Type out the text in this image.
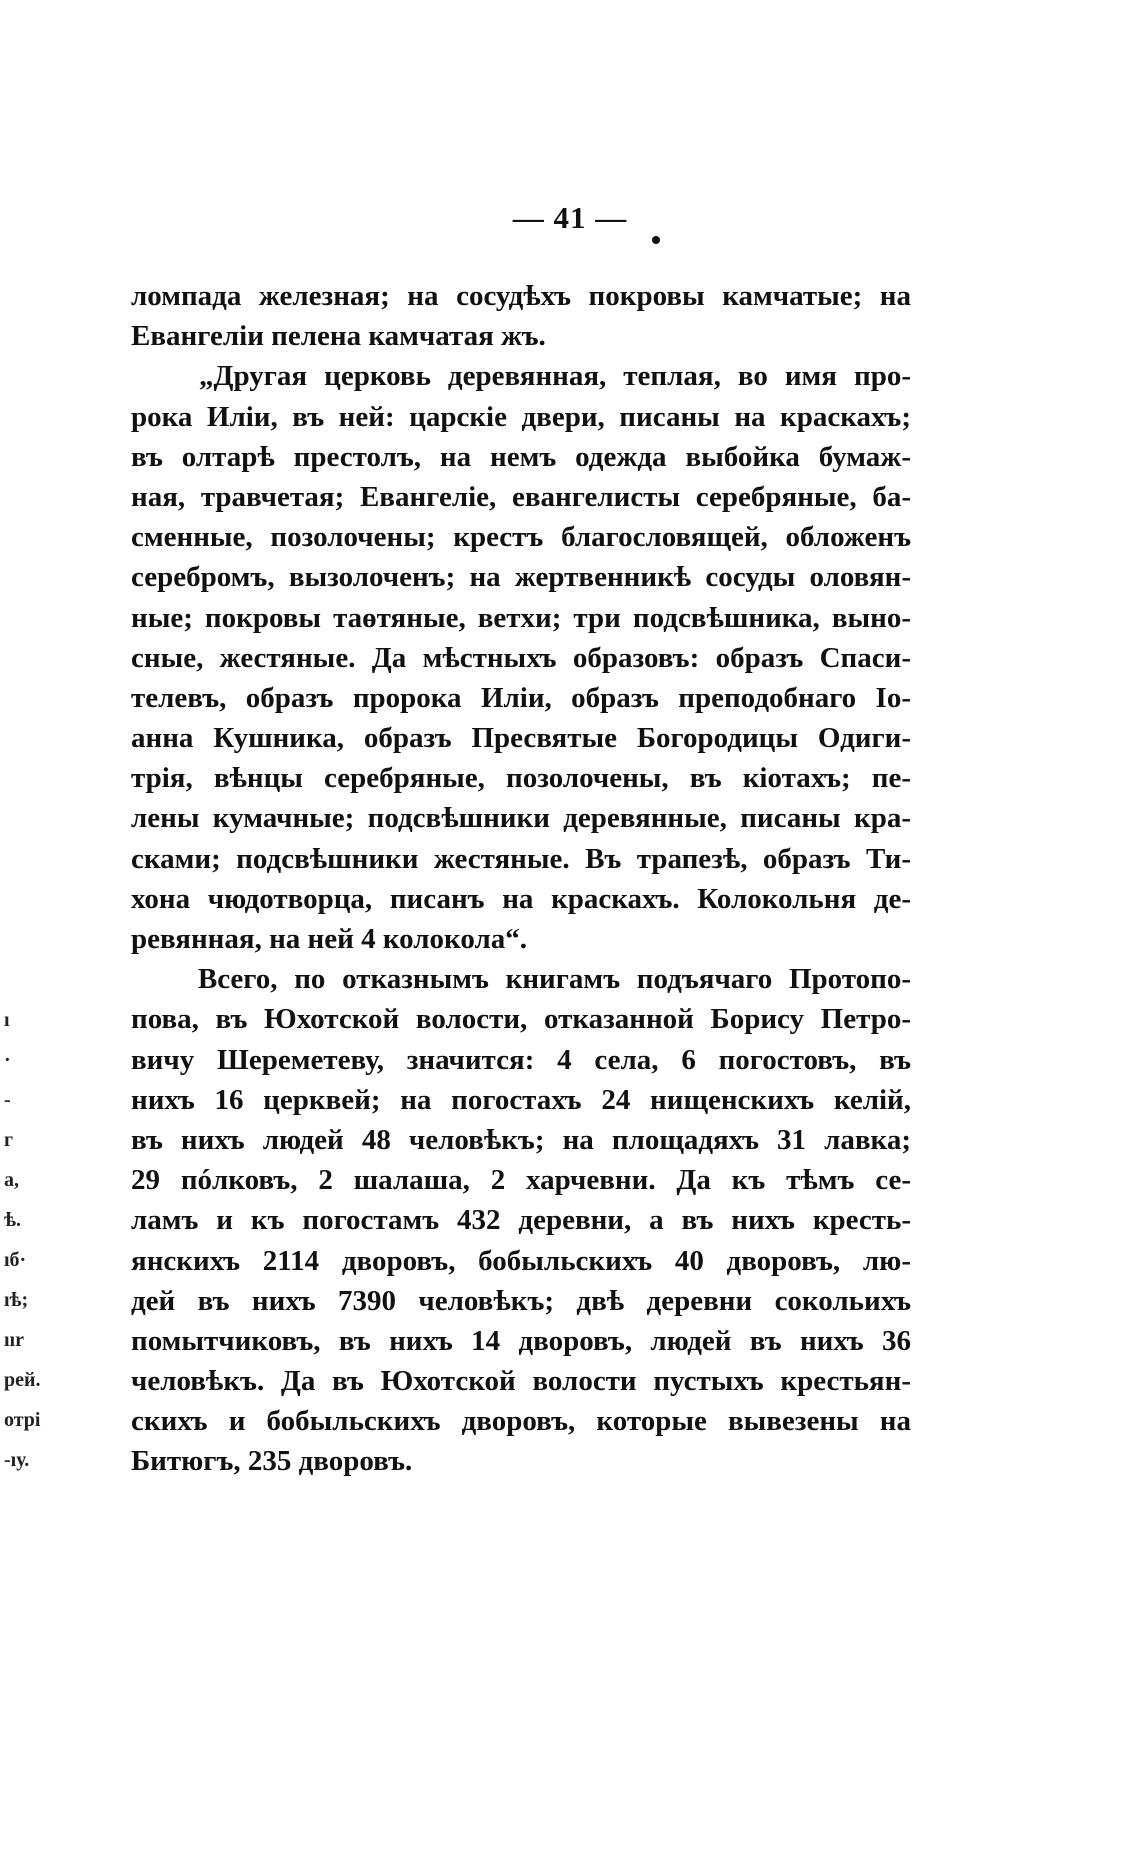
— 41 —
ломпада железная; на сосудѣхъ покровы камчатые; на
Евангеліи пелена камчатая жъ.
„Другая церковь деревянная, теплая, во имя про-
рока Иліи, въ ней: царскіе двери, писаны на краскахъ;
въ олтарѣ престолъ, на немъ одежда выбойка бумаж-
ная, травчетая; Евангеліе, евангелисты серебряные, ба-
сменные, позолочены; крестъ благословящей, обложенъ
серебромъ, вызолоченъ; на жертвенникѣ сосуды оловян-
ные; покровы таөтяные, ветхи; три подсвѣшника, выно-
сные, жестяные. Да мѣстныхъ образовъ: образъ Спаси-
телевъ, образъ пророка Иліи, образъ преподобнаго Іо-
анна Кушника, образъ Пресвятые Богородицы Одиги-
трія, вѣнцы серебряные, позолочены, въ кіотахъ; пе-
лены кумачные; подсвѣшники деревянные, писаны кра-
сками; подсвѣшники жестяные. Въ трапезѣ, образъ Ти-
хона чюдотворца, писанъ на краскахъ. Колокольня де-
ревянная, на ней 4 колокола“.
Всего, по отказнымъ книгамъ подъячаго Протопо-
пова, въ Юхотской волости, отказанной Борису Петро-
вичу Шереметеву, значится: 4 села, 6 погостовъ, въ
нихъ 16 церквей; на погостахъ 24 нищенскихъ келій,
въ нихъ людей 48 человѣкъ; на площадяхъ 31 лавка;
29 пóлковъ, 2 шалаша, 2 харчевни. Да къ тѣмъ се-
ламъ и къ погостамъ 432 деревни, а въ нихъ кресть-
янскихъ 2114 дворовъ, бобыльскихъ 40 дворовъ, лю-
дей въ нихъ 7390 человѣкъ; двѣ деревни сокольихъ
помытчиковъ, въ нихъ 14 дворовъ, людей въ нихъ 36
человѣкъ. Да въ Юхотской волости пустыхъ крестьян-
скихъ и бобыльскихъ дворовъ, которые вывезены на
Битюгъ, 235 дворовъ.
ı
·
-
г
а,
ѣ.
ıб·
ıѣ;
ıır
рей.
отрі
-ıу.
